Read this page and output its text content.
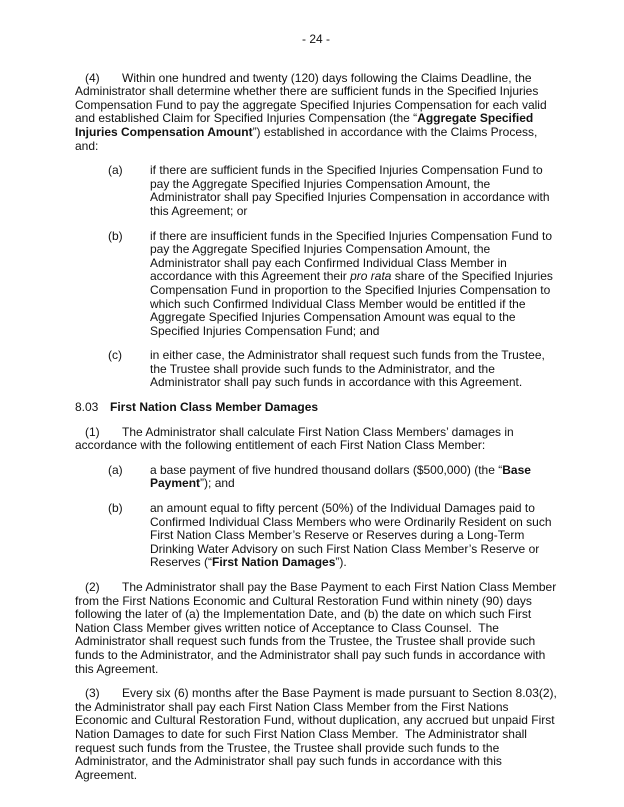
- 24 -

(4) Within one hundred and twenty (120) days following the Claims Deadline, the Administrator shall determine whether there are sufficient funds in the Specified Injuries Compensation Fund to pay the aggregate Specified Injuries Compensation for each valid and established Claim for Specified Injuries Compensation (the “Aggregate Specified Injuries Compensation Amount”) established in accordance with the Claims Process, and:

(a) if there are sufficient funds in the Specified Injuries Compensation Fund to pay the Aggregate Specified Injuries Compensation Amount, the Administrator shall pay Specified Injuries Compensation in accordance with this Agreement; or

(b) if there are insufficient funds in the Specified Injuries Compensation Fund to pay the Aggregate Specified Injuries Compensation Amount, the Administrator shall pay each Confirmed Individual Class Member in accordance with this Agreement their pro rata share of the Specified Injuries Compensation Fund in proportion to the Specified Injuries Compensation to which such Confirmed Individual Class Member would be entitled if the Aggregate Specified Injuries Compensation Amount was equal to the Specified Injuries Compensation Fund; and

(c) in either case, the Administrator shall request such funds from the Trustee, the Trustee shall provide such funds to the Administrator, and the Administrator shall pay such funds in accordance with this Agreement.

8.03 First Nation Class Member Damages

(1) The Administrator shall calculate First Nation Class Members’ damages in accordance with the following entitlement of each First Nation Class Member:

(a) a base payment of five hundred thousand dollars ($500,000) (the “Base Payment”); and

(b) an amount equal to fifty percent (50%) of the Individual Damages paid to Confirmed Individual Class Members who were Ordinarily Resident on such First Nation Class Member’s Reserve or Reserves during a Long-Term Drinking Water Advisory on such First Nation Class Member’s Reserve or Reserves (“First Nation Damages”).

(2) The Administrator shall pay the Base Payment to each First Nation Class Member from the First Nations Economic and Cultural Restoration Fund within ninety (90) days following the later of (a) the Implementation Date, and (b) the date on which such First Nation Class Member gives written notice of Acceptance to Class Counsel.  The Administrator shall request such funds from the Trustee, the Trustee shall provide such funds to the Administrator, and the Administrator shall pay such funds in accordance with this Agreement.

(3) Every six (6) months after the Base Payment is made pursuant to Section 8.03(2), the Administrator shall pay each First Nation Class Member from the First Nations Economic and Cultural Restoration Fund, without duplication, any accrued but unpaid First Nation Damages to date for such First Nation Class Member.  The Administrator shall request such funds from the Trustee, the Trustee shall provide such funds to the Administrator, and the Administrator shall pay such funds in accordance with this Agreement.
